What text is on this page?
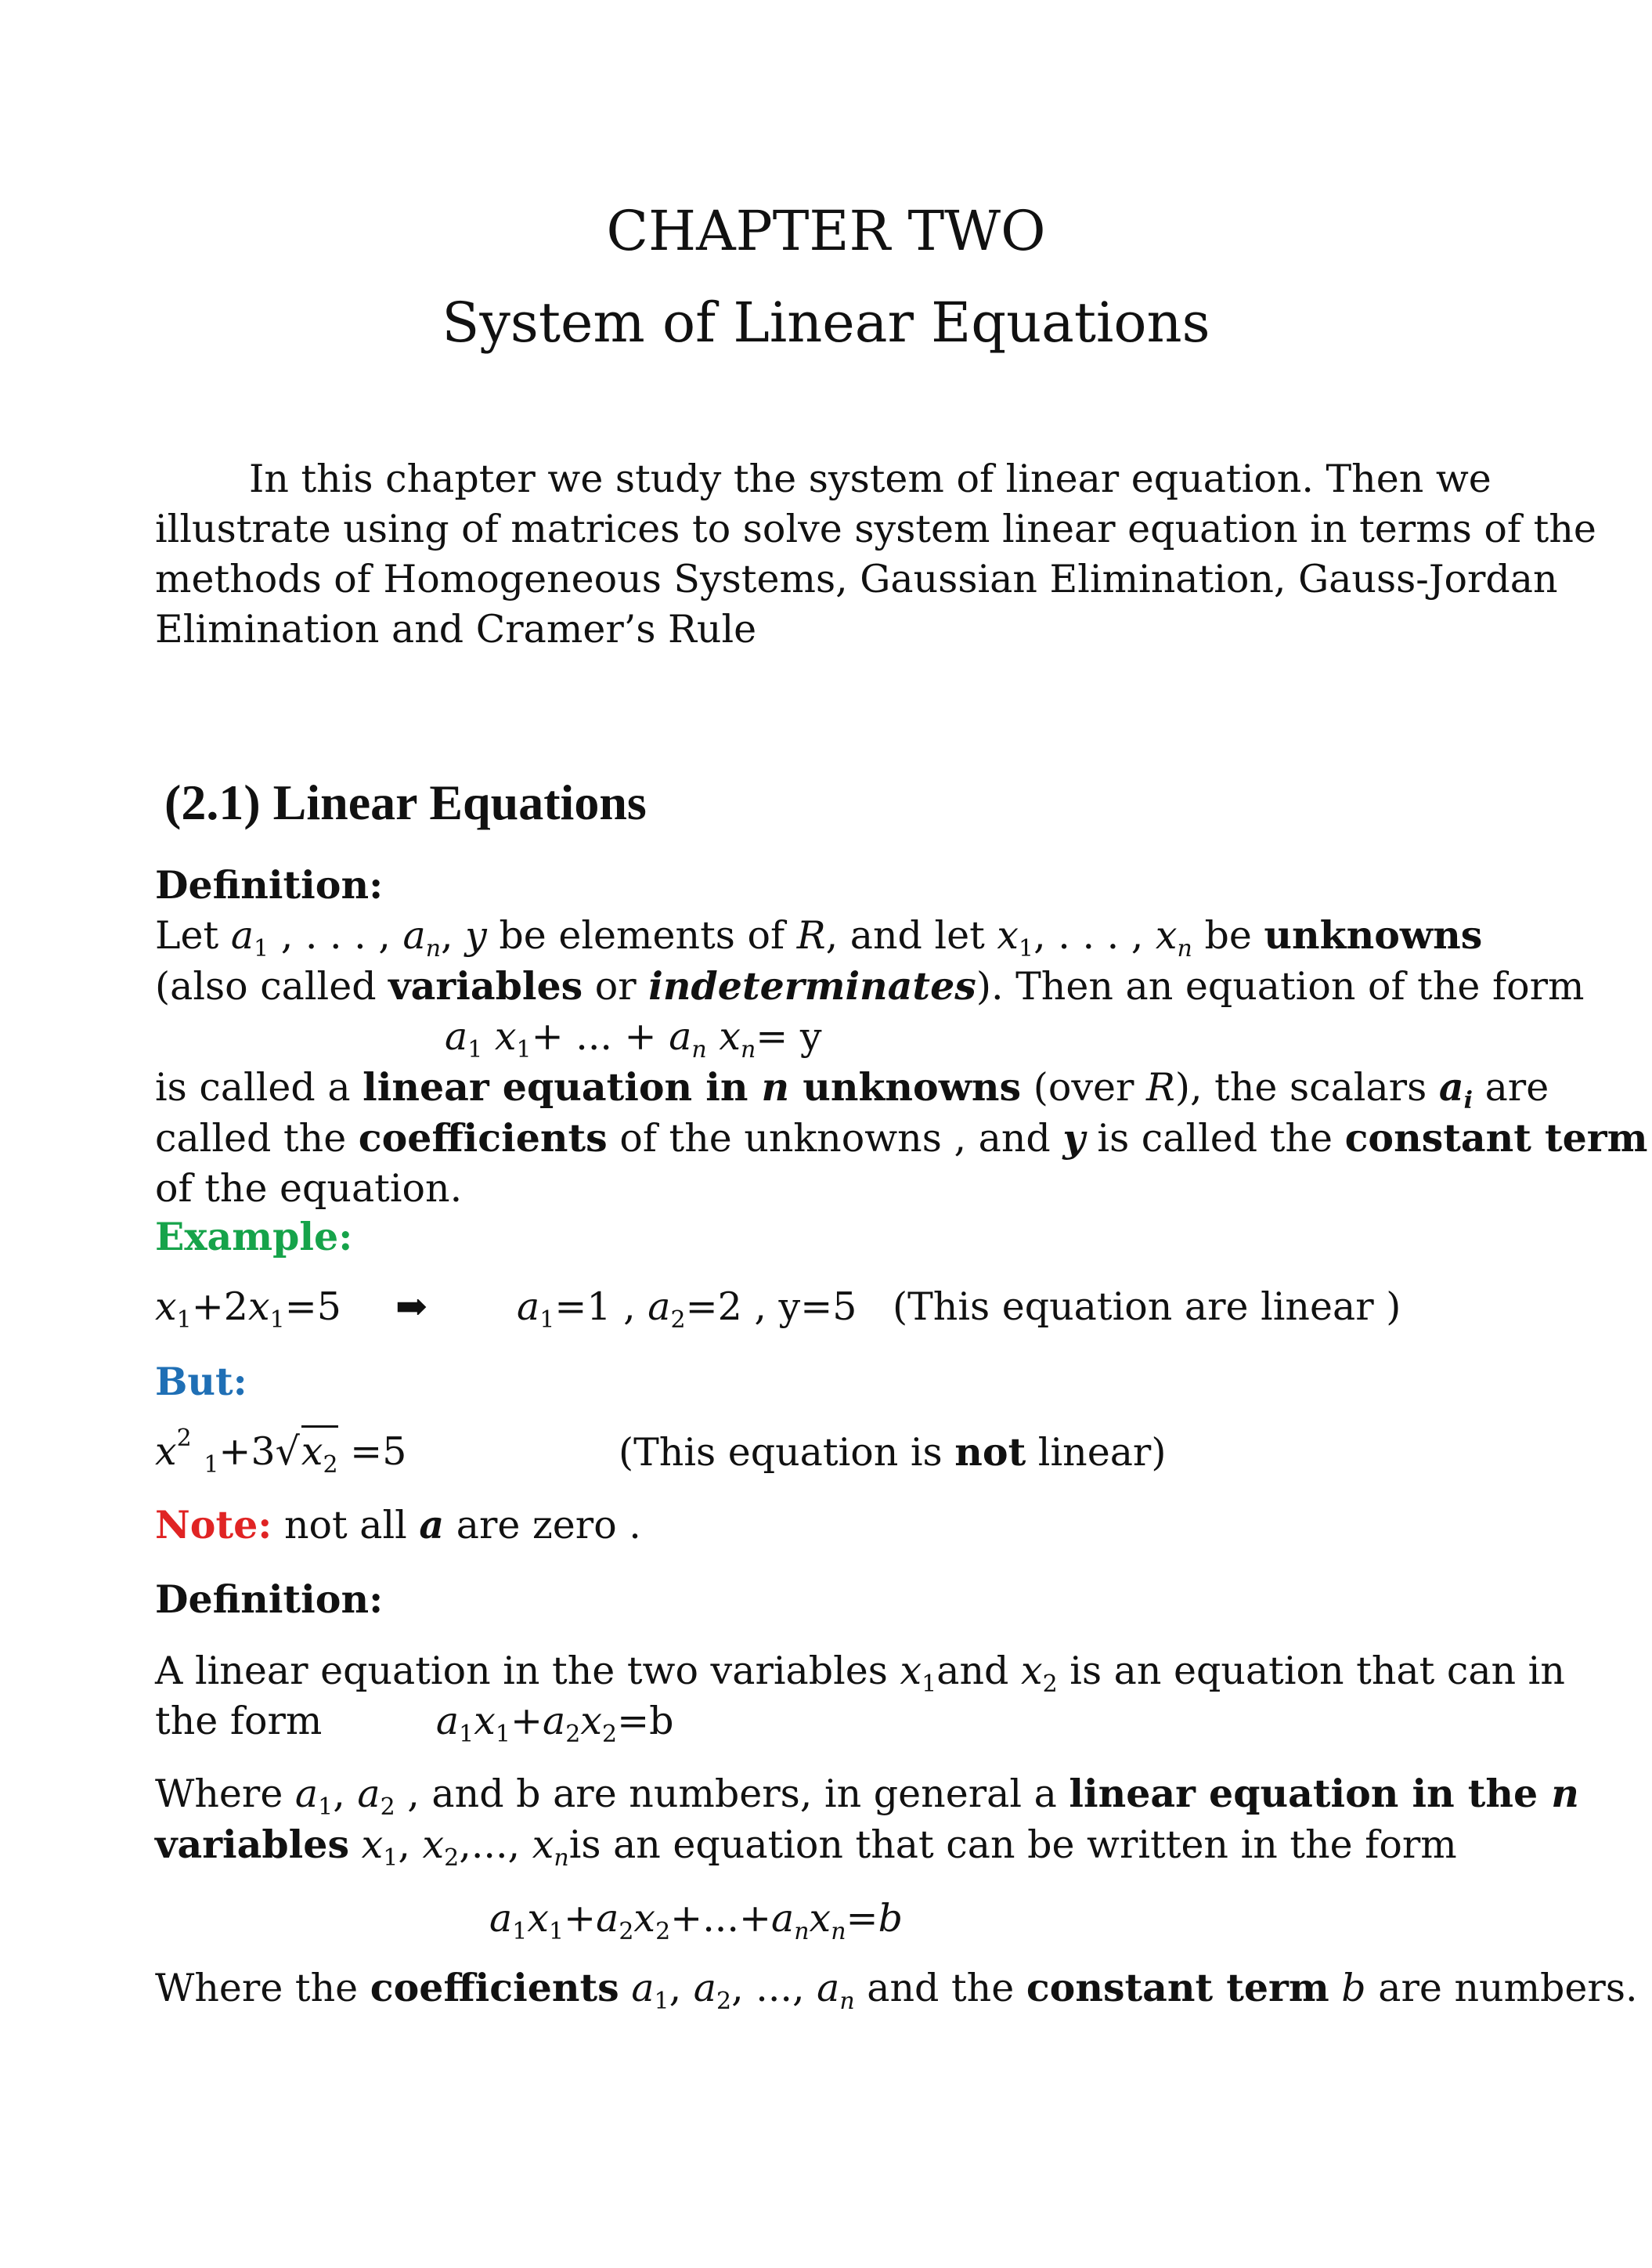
CHAPTER TWO
System of Linear Equations
In this chapter we study the system of linear equation. Then we
illustrate using of matrices to solve system linear equation in terms of the
methods of Homogeneous Systems, Gaussian Elimination, Gauss-Jordan
Elimination and Cramer’s Rule
(2.1) Linear Equations
Definition:
Let $a_1$ , . . . , $a_n$, y be elements of R, and let $x_1$, . . . , $x_n$ be unknowns
(also called variables or indeterminates). Then an equation of the form
$a_1$ $x_1+$ ... + $a_n$ $x_n= y$
is called a linear equation in n unknowns (over R), the scalars $a_i$ are
called the coefficients of the unknowns , and y is called the constant term
of the equation.
Example:
$x_1+2x_1=5$ ➡ $a_1=1$ , $a_2=2$ , y=5 (This equation are linear )
But:
$x^2$ $_1+3√x_2 =5$	(This equation is not linear)
Note: not all a are zero .
Definition:
A linear equation in the two variables $x_1and$ $x_2$ is an equation that can in
the form	$a_1x_1+a_2x_2=b$
Where $a_1$, $a_2$ , and b are numbers, in general a linear equation in the n
variables $x_1$, $x_2$,..., $x_nis$ an equation that can be written in the form
$a_1x_1+a_2x_2+...+a_nx_n=b$
Where the coefficients $a_1$, $a_2$, ..., $a_n$ and the constant term b are numbers.
